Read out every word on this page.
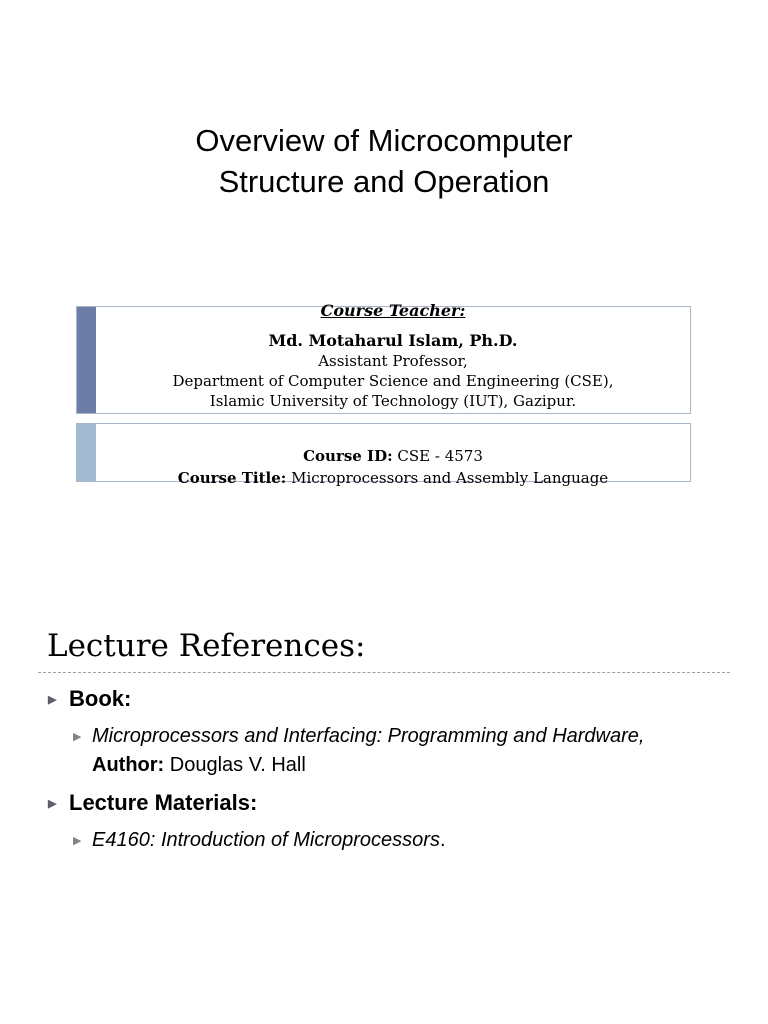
Overview of Microcomputer
Structure and Operation
Course Teacher:
Md. Motaharul Islam, Ph.D.
Assistant Professor,
Department of Computer Science and Engineering (CSE),
Islamic University of Technology (IUT), Gazipur.
Course ID: CSE - 4573
Course Title: Microprocessors and Assembly Language
Lecture References:
▶ Book:
▶ Microprocessors and Interfacing: Programming and Hardware,
Author: Douglas V. Hall
▶ Lecture Materials:
▶ E4160: Introduction of Microprocessors.
